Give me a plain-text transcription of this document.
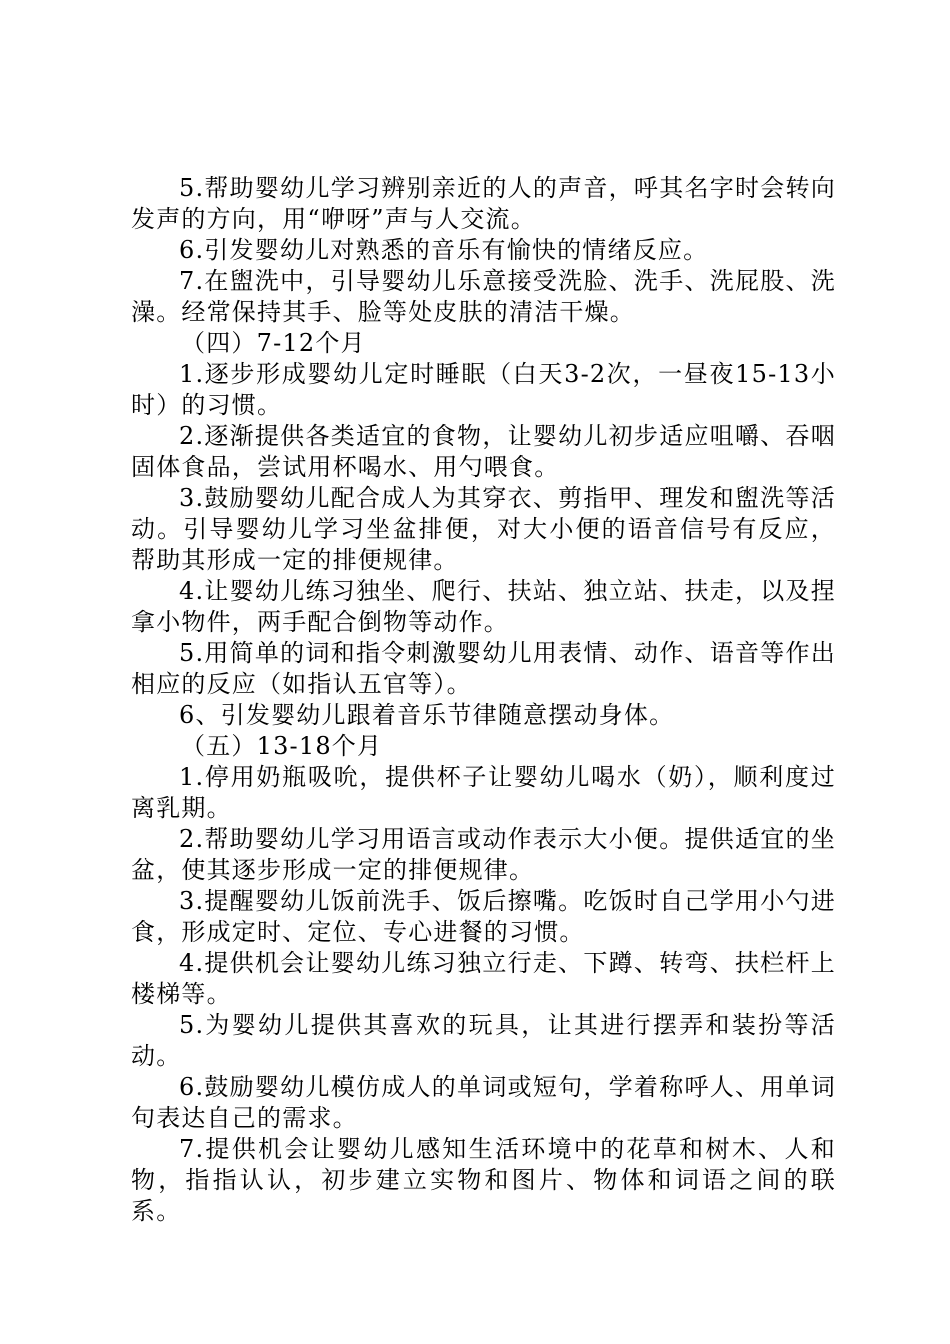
5.帮助婴幼儿学习辨别亲近的人的声音，呼其名字时会转向发声的方向，用“咿呀”声与人交流。

6.引发婴幼儿对熟悉的音乐有愉快的情绪反应。

7.在盥洗中，引导婴幼儿乐意接受洗脸、洗手、洗屁股、洗澡。经常保持其手、脸等处皮肤的清洁干燥。

（四）7-12个月

1.逐步形成婴幼儿定时睡眠（白天3-2次，一昼夜15-13小时）的习惯。

2.逐渐提供各类适宜的食物，让婴幼儿初步适应咀嚼、吞咽固体食品，尝试用杯喝水、用勺喂食。

3.鼓励婴幼儿配合成人为其穿衣、剪指甲、理发和盥洗等活动。引导婴幼儿学习坐盆排便，对大小便的语音信号有反应，帮助其形成一定的排便规律。

4.让婴幼儿练习独坐、爬行、扶站、独立站、扶走，以及捏拿小物件，两手配合倒物等动作。

5.用简单的词和指令刺激婴幼儿用表情、动作、语音等作出相应的反应（如指认五官等）。

6、引发婴幼儿跟着音乐节律随意摆动身体。

（五）13-18个月

1.停用奶瓶吸吮，提供杯子让婴幼儿喝水（奶），顺利度过离乳期。

2.帮助婴幼儿学习用语言或动作表示大小便。提供适宜的坐盆，使其逐步形成一定的排便规律。

3.提醒婴幼儿饭前洗手、饭后擦嘴。吃饭时自己学用小勺进食，形成定时、定位、专心进餐的习惯。

4.提供机会让婴幼儿练习独立行走、下蹲、转弯、扶栏杆上楼梯等。

5.为婴幼儿提供其喜欢的玩具，让其进行摆弄和装扮等活动。

6.鼓励婴幼儿模仿成人的单词或短句，学着称呼人、用单词句表达自己的需求。

7.提供机会让婴幼儿感知生活环境中的花草和树木、人和物，指指认认，初步建立实物和图片、物体和词语之间的联系。
